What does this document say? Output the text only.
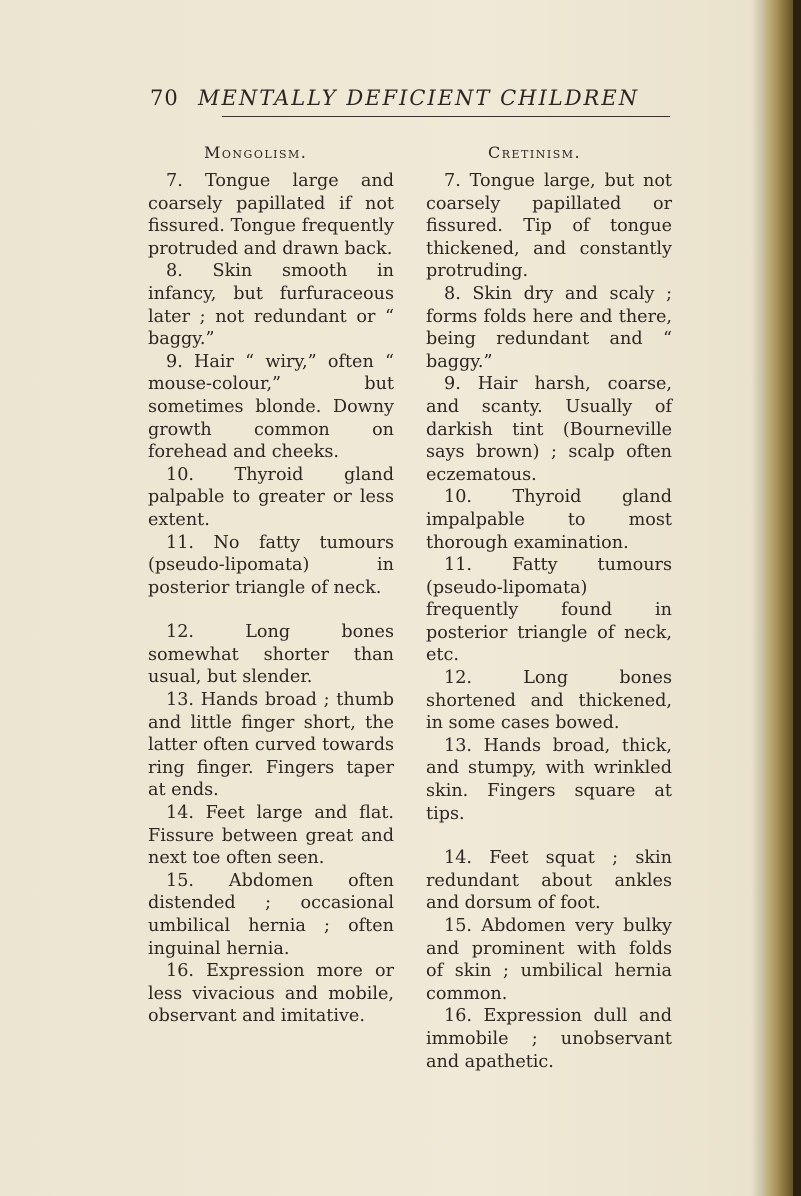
70 MENTALLY DEFICIENT CHILDREN
Mongolism.	Cretinism.

7. Tongue large and coarsely papillated if not fissured. Tongue frequently protruded and drawn back.

8. Skin smooth in infancy, but furfuraceous later ; not redundant or “ baggy.”

9. Hair “ wiry,” often “ mouse-colour,” but sometimes blonde. Downy growth common on forehead and cheeks.

10. Thyroid gland palpable to greater or less extent.

11. No fatty tumours (pseudo-lipomata) in posterior triangle of neck.

12. Long bones somewhat shorter than usual, but slender.

13. Hands broad ; thumb and little finger short, the latter often curved towards ring finger. Fingers taper at ends.

14. Feet large and flat. Fissure between great and next toe often seen.

15. Abdomen often distended ; occasional umbilical hernia ; often inguinal hernia.

16. Expression more or less vivacious and mobile, observant and imitative.

7. Tongue large, but not coarsely papillated or fissured. Tip of tongue thickened, and constantly protruding.

8. Skin dry and scaly ; forms folds here and there, being redundant and “ baggy.”

9. Hair harsh, coarse, and scanty. Usually of darkish tint (Bourneville says brown) ; scalp often eczematous.

10. Thyroid gland impalpable to most thorough examination.

11. Fatty tumours (pseudo-lipomata) frequently found in posterior triangle of neck, etc.

12. Long bones shortened and thickened, in some cases bowed.

13. Hands broad, thick, and stumpy, with wrinkled skin. Fingers square at tips.

14. Feet squat ; skin redundant about ankles and dorsum of foot.

15. Abdomen very bulky and prominent with folds of skin ; umbilical hernia common.

16. Expression dull and immobile ; unobservant and apathetic.
